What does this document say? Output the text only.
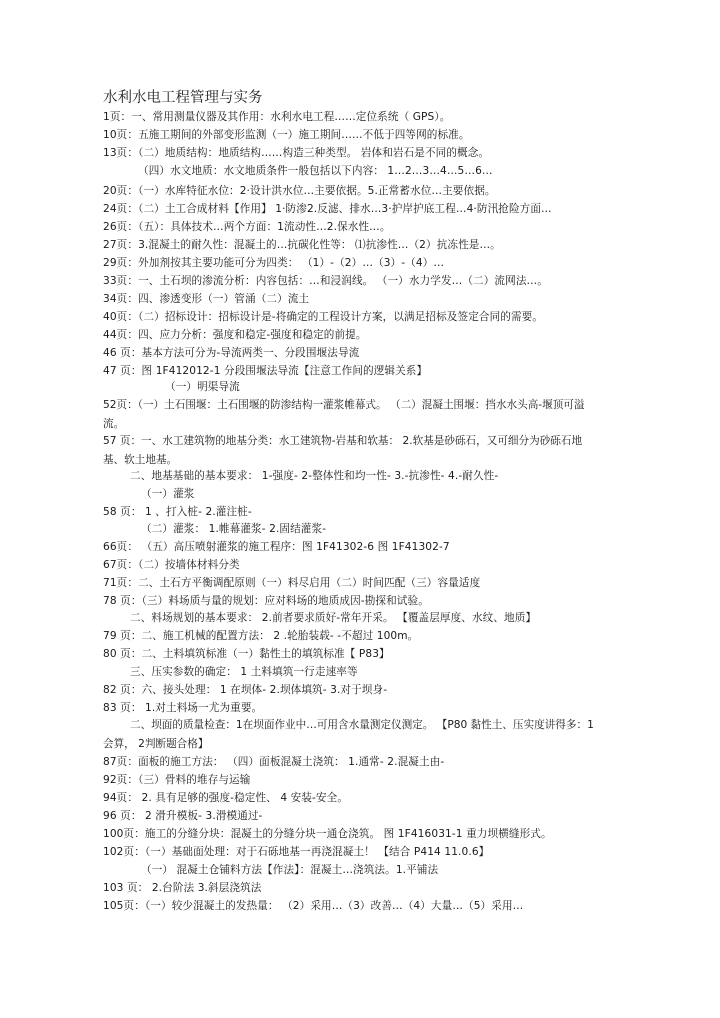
水利水电工程管理与实务
1页：一、常用测量仪器及其作用：水利水电工程……定位系统（ GPS）。
10页：五施工期间的外部变形监测（一）施工期间……不低于四等网的标准。
13页：（二）地质结构：地质结构……构造三种类型。 岩体和岩石是不同的概念。
（四）水文地质：水文地质条件一般包括以下内容： 1…2…3…4…5…6…
20页：（一）水库特征水位：2·设计洪水位…主要依据。5.正常蓄水位…主要依据。
24页：（二）土工合成材料【作用】 1·防渗2.反滤、排水…3·护岸护底工程…4·防汛抢险方面…
26页：（五）：具体技术…两个方面：1流动性…2.保水性…。
27页：3.混凝土的耐久性：混凝土的…抗碳化性等： ⑴抗渗性…（2）抗冻性是…。
29页：外加剂按其主要功能可分为四类： （1）-（2）…（3）-（4）…
33页：一、土石坝的渗流分析：内容包括：…和浸润线。 （一）水力学发…（二）流网法…。
34页：四、渗透变形（一）管涌（二）流土
40页：（二）招标设计：招标设计是-将确定的工程设计方案，以满足招标及签定合同的需要。
44页：四、应力分析：强度和稳定-强度和稳定的前提。
46 页：基本方法可分为-导流两类一、分段围堰法导流
47 页：图 1F412012-1 分段围堰法导流【注意工作间的逻辑关系】
（一）明渠导流
52页：（一）土石围堰：土石围堰的防渗结构一灌浆帷幕式。 （二）混凝土围堰：挡水水头高-堰顶可溢流。
57 页：一、水工建筑物的地基分类：水工建筑物-岩基和软基： 2.软基是砂砾石，又可细分为砂砾石地基、软土地基。
二、地基基础的基本要求： 1-强度- 2-整体性和均一性- 3.-抗渗性- 4.-耐久性-
（一）灌浆
58 页： 1 、打入桩- 2.灌注桩-
（二）灌浆： 1.帷幕灌浆- 2.固结灌浆-
66页： （五）高压喷射灌浆的施工程序：图 1F41302-6 图 1F41302-7
67页：（二）按墙体材料分类
71页：二、土石方平衡调配原则（一）料尽启用（二）时间匹配（三）容量适度
78 页：（三）料场质与量的规划：应对料场的地质成因-勘探和试验。
二、料场规划的基本要求： 2.前者要求质好-常年开采。 【覆盖层厚度、水纹、地质】
79 页：二、施工机械的配置方法： 2 .轮胎装载- -不超过 100m。
80 页：二、土料填筑标准（一）黏性土的填筑标准【 P83】
三、压实参数的确定： 1 土料填筑一行走速率等
82 页：六、接头处理： 1 在坝体- 2.坝体填筑- 3.对于坝身-
83 页： 1.对土料场一尤为重要。
二、坝面的质量检查：1在坝面作业中…可用含水量测定仪测定。 【P80 黏性土、压实度讲得多：1会算， 2判断题合格】
87页：面板的施工方法： （四）面板混凝土浇筑： 1.通常- 2.混凝土由-
92页：（三）骨料的堆存与运输
94页： 2. 具有足够的强度-稳定性、 4 安装-安全。
96 页： 2 滑升模板- 3.滑模通过-
100页：施工的分缝分块：混凝土的分缝分块一通仓浇筑。 图 1F416031-1 重力坝横缝形式。
102页：（一）基础面处理：对于石砾地基一再浇混凝土！ 【结合 P414 11.0.6】
（一） 混凝土仓铺料方法【作法】：混凝土…浇筑法。1.平铺法
103 页： 2.台阶法 3.斜层浇筑法
105页：（一）较少混凝土的发热量： （2）采用…（3）改善…（4）大量…（5）采用…
